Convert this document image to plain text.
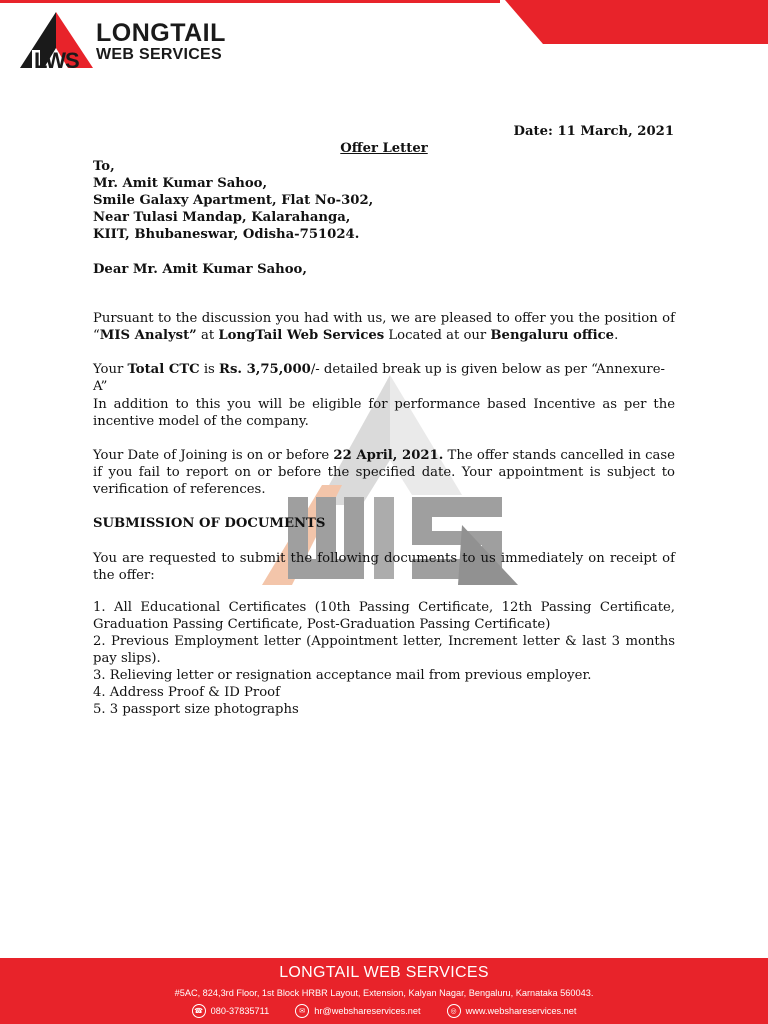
LWS
LONGTAIL
WEB SERVICES
Date: 11 March, 2021
Offer Letter

To,

Mr. Amit Kumar Sahoo,

Smile Galaxy Apartment, Flat No-302,

Near Tulasi Mandap, Kalarahanga,

KIIT, Bhubaneswar, Odisha-751024.

Dear Mr. Amit Kumar Sahoo,
Pursuant to the discussion you had with us, we are pleased to offer you the position of “MIS Analyst” at LongTail Web Services Located at our Bengaluru office.
Your Total CTC is Rs. 3,75,000/- detailed break up is given below as per “Annexure-A”
In addition to this you will be eligible for performance based Incentive as per the incentive model of the company.
Your Date of Joining is on or before 22 April, 2021. The offer stands cancelled in case if you fail to report on or before the specified date. Your appointment is subject to verification of references.
SUBMISSION OF DOCUMENTS
You are requested to submit the following documents to us immediately on receipt of the offer:

1. All Educational Certificates (10th Passing Certificate, 12th Passing Certificate, Graduation Passing Certificate, Post-Graduation Passing Certificate)

2. Previous Employment letter (Appointment letter, Increment letter & last 3 months pay slips).

3. Relieving letter or resignation acceptance mail from previous employer.

4. Address Proof & ID Proof

5. 3 passport size photographs

LONGTAIL WEB SERVICES
#5AC, 824,3rd Floor, 1st Block HRBR Layout, Extension, Kalyan Nagar, Bengaluru, Karnataka 560043.
☎ 080-37835711	✉ hr@webshareservices.net	◎ www.webshareservices.net
